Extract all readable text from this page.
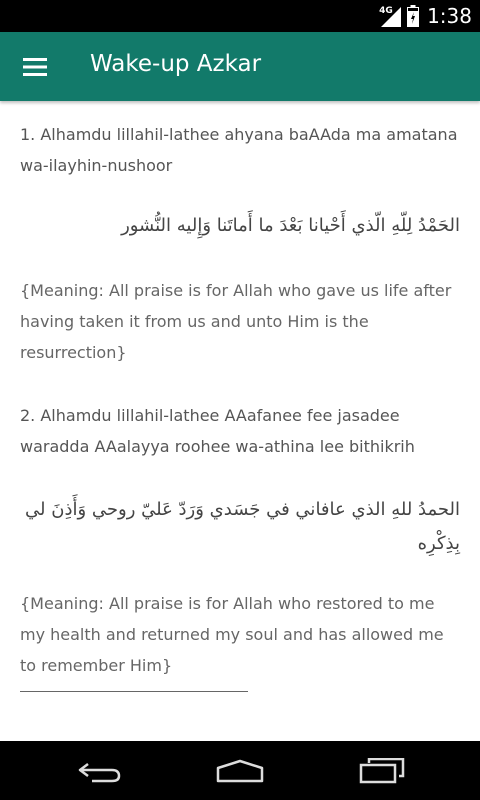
4G 1:38
Wake-up Azkar
1. Alhamdu lillahil-lathee ahyana baAAda ma amatana wa-ilayhin-nushoor
الحَمْدُ لِلّهِ الّذي أَحْيانا بَعْدَ ما أَماتَنا وَإِليه النُّشور
{Meaning: All praise is for Allah who gave us life after having taken it from us and unto Him is the resurrection}
2. Alhamdu lillahil-lathee AAafanee fee jasadee waradda AAalayya roohee wa-athina lee bithikrih
الحمدُ للهِ الذي عافاني في جَسَدي وَرَدّ عَليّ روحي وَأَذِنَ لي بِذِكْرِه
{Meaning: All praise is for Allah who restored to me my health and returned my soul and has allowed me to remember Him}
